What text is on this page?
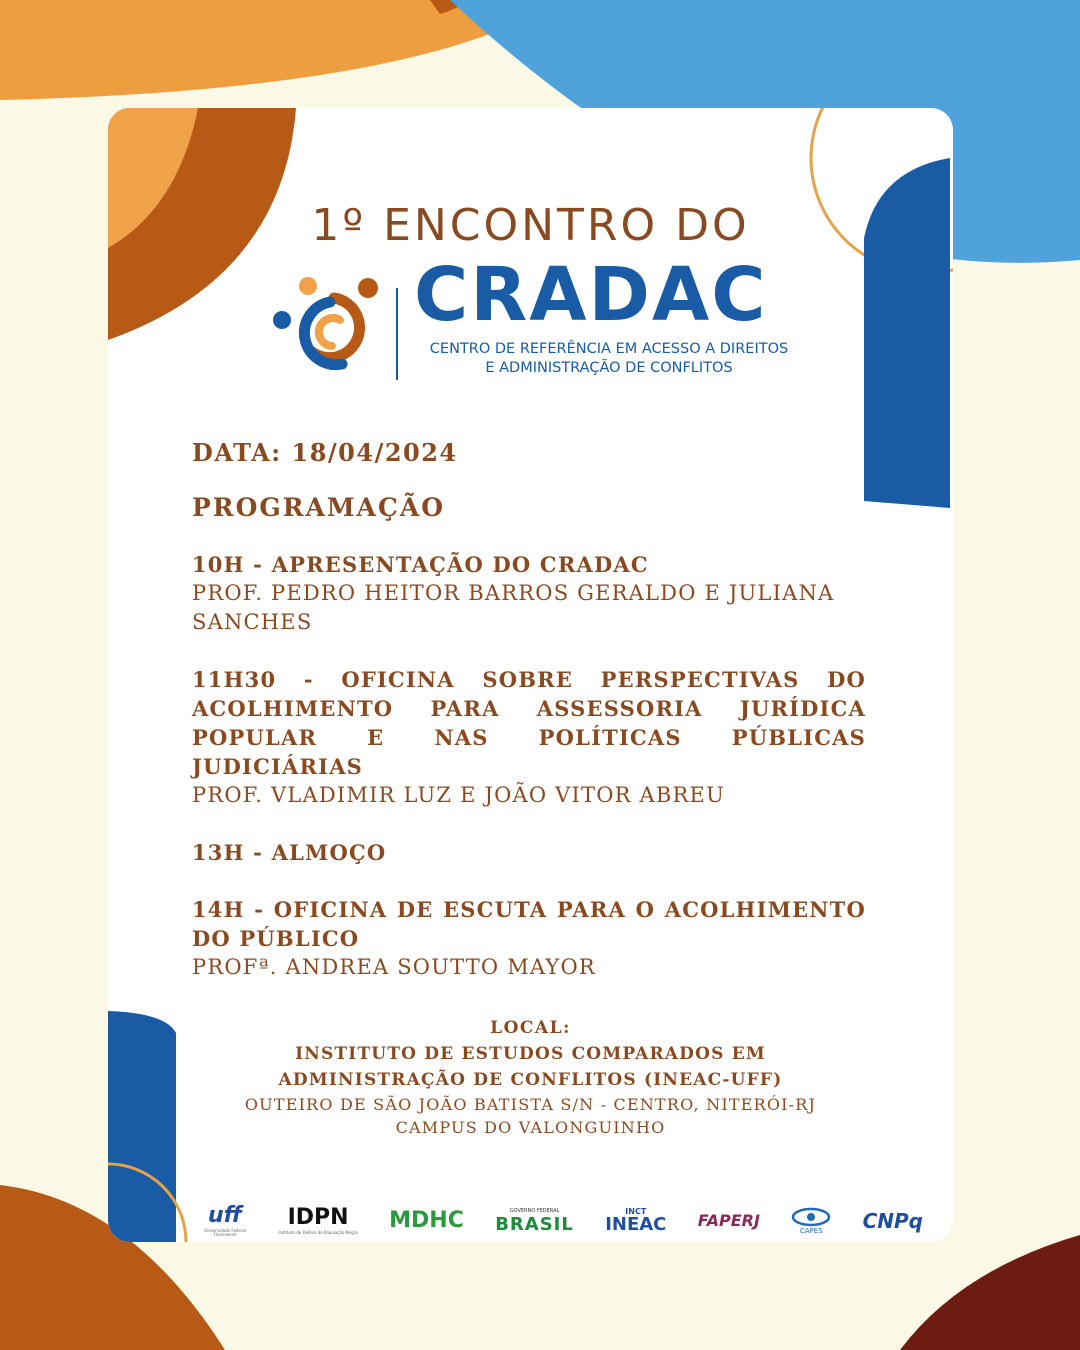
1º ENCONTRO DO
CRADAC
CENTRO DE REFERÊNCIA EM ACESSO A DIREITOS
E ADMINISTRAÇÃO DE CONFLITOS
DATA: 18/04/2024
PROGRAMAÇÃO
10H - APRESENTAÇÃO DO CRADAC
PROF. PEDRO HEITOR BARROS GERALDO E JULIANA SANCHES
11H30 - OFICINA SOBRE PERSPECTIVAS DO ACOLHIMENTO PARA ASSESSORIA JURÍDICA POPULAR E NAS POLÍTICAS PÚBLICAS JUDICIÁRIAS
PROF. VLADIMIR LUZ E JOÃO VITOR ABREU
13H - ALMOÇO
14H - OFICINA DE ESCUTA PARA O ACOLHIMENTO DO PÚBLICO
PROFª. ANDREA SOUTTO MAYOR
LOCAL:
INSTITUTO DE ESTUDOS COMPARADOS EM
ADMINISTRAÇÃO DE CONFLITOS (INEAC-UFF)
OUTEIRO DE SÃO JOÃO BATISTA S/N - CENTRO, NITERÓI-RJ
CAMPUS DO VALONGUINHO
uff
Universidade Federal Fluminense
IDPN
Instituto de Defesa da População Negra MDHC	GOVERNO FEDERAL
BRASIL
INCT
INEAC FAPERJ
CAPES CNPq
